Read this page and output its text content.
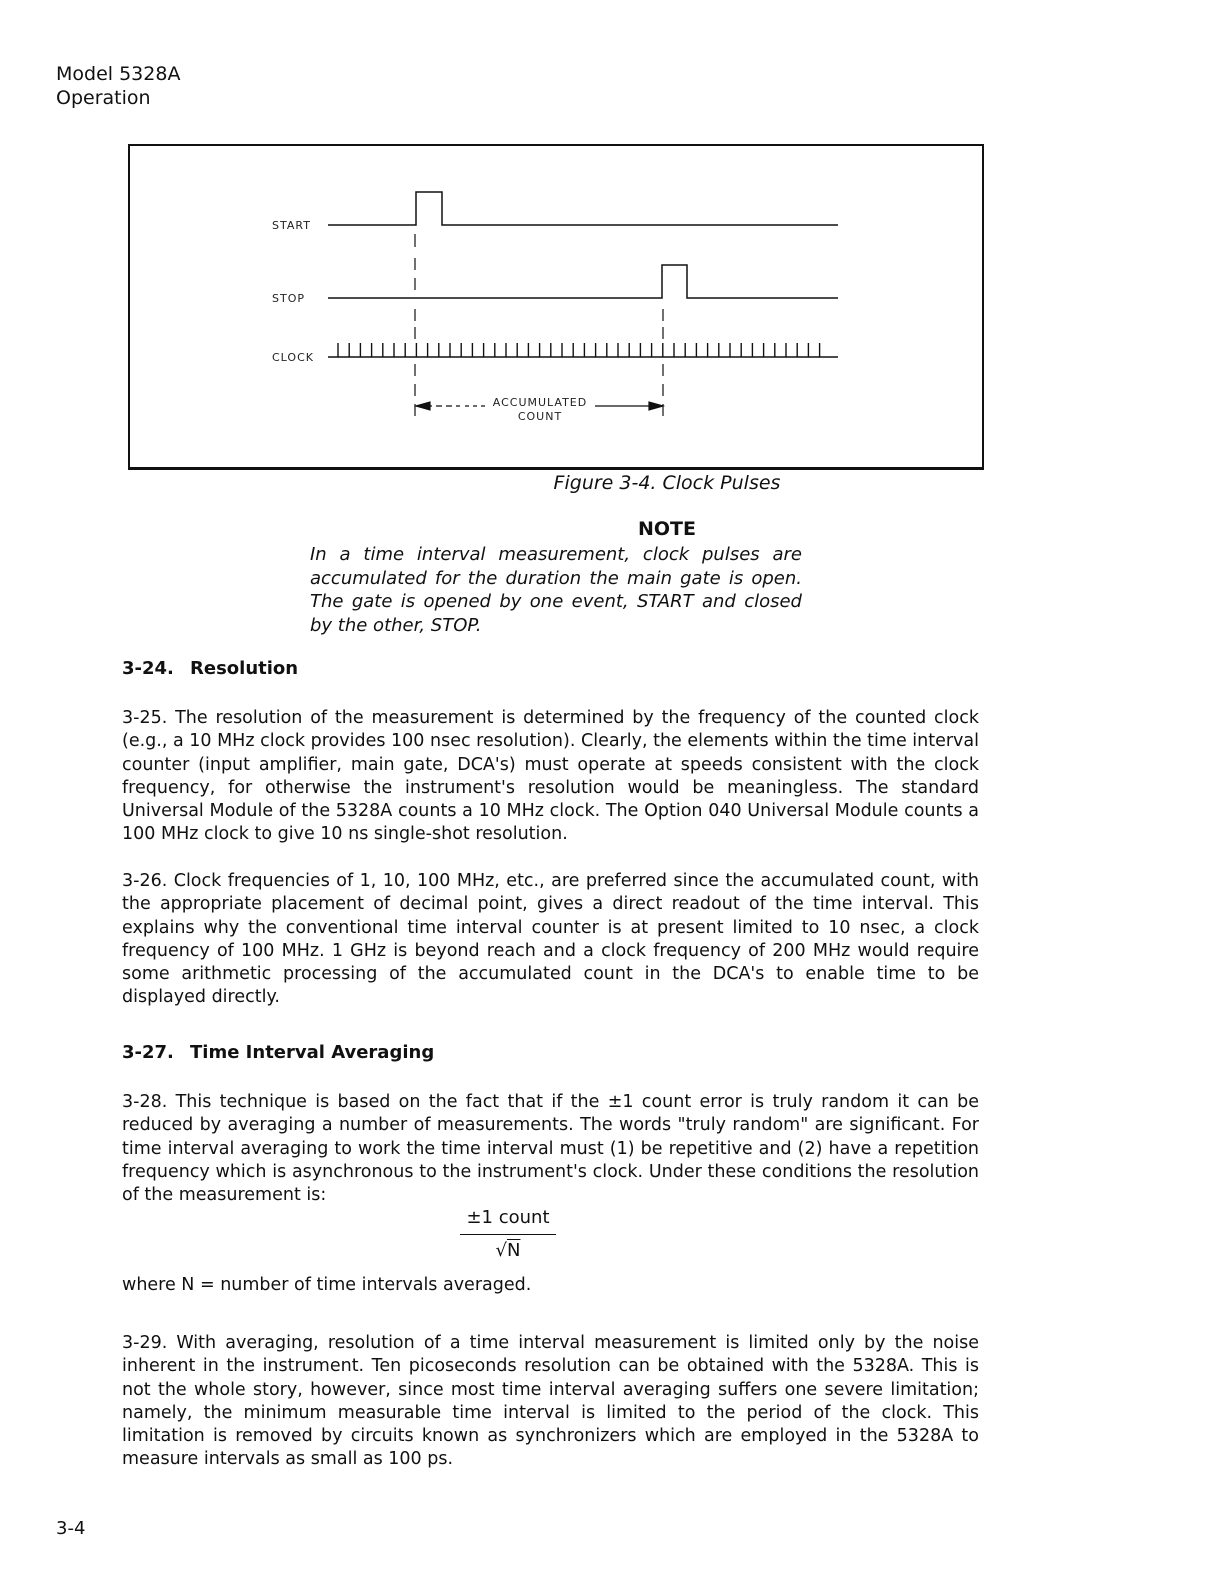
Model 5328A
Operation
START
STOP
CLOCK
ACCUMULATED
COUNT
Figure 3-4. Clock Pulses
NOTE
In a time interval measurement, clock pulses are accumulated for the duration the main gate is open. The gate is opened by one event, START and closed by the other, STOP.
3-24. Resolution
3-25. The resolution of the measurement is determined by the frequency of the counted clock (e.g., a 10 MHz clock provides 100 nsec resolution). Clearly, the elements within the time interval counter (input amplifier, main gate, DCA's) must operate at speeds consistent with the clock frequency, for otherwise the instrument's resolution would be meaningless. The standard Universal Module of the 5328A counts a 10 MHz clock. The Option 040 Universal Module counts a 100 MHz clock to give 10 ns single-shot resolution.
3-26. Clock frequencies of 1, 10, 100 MHz, etc., are preferred since the accumulated count, with the appropriate placement of decimal point, gives a direct readout of the time interval. This explains why the conventional time interval counter is at present limited to 10 nsec, a clock frequency of 100 MHz. 1 GHz is beyond reach and a clock frequency of 200 MHz would require some arithmetic processing of the accumulated count in the DCA's to enable time to be displayed directly.
3-27. Time Interval Averaging
3-28. This technique is based on the fact that if the ±1 count error is truly random it can be reduced by averaging a number of measurements. The words "truly random" are significant. For time interval averaging to work the time interval must (1) be repetitive and (2) have a repetition frequency which is asynchronous to the instrument's clock. Under these conditions the resolution of the measurement is:
±1 count
√N
where N = number of time intervals averaged.
3-29. With averaging, resolution of a time interval measurement is limited only by the noise inherent in the instrument. Ten picoseconds resolution can be obtained with the 5328A. This is not the whole story, however, since most time interval averaging suffers one severe limitation; namely, the minimum measurable time interval is limited to the period of the clock. This limitation is removed by circuits known as synchronizers which are employed in the 5328A to measure intervals as small as 100 ps.
3-4
